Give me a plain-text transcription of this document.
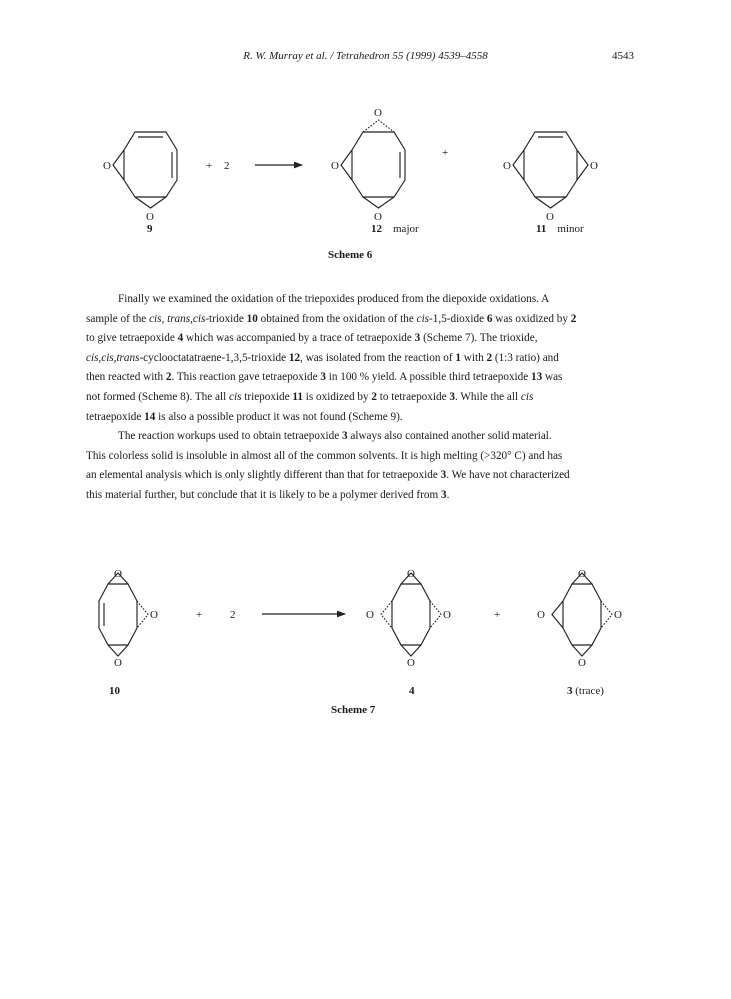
R. W. Murray et al. / Tetrahedron 55 (1999) 4539–4558	4543
O
O
+ 2
O
O
O
+
O	O
O
9	12 major	11 minor
Scheme 6

Finally we examined the oxidation of the triepoxides produced from the diepoxide oxidations. A

sample of the cis, trans,cis-trioxide 10 obtained from the oxidation of the cis-1,5-dioxide 6 was oxidized by 2
to give tetraepoxide 4 which was accompanied by a trace of tetraepoxide 3 (Scheme 7). The trioxide,
cis,cis,trans-cyclooctatatraene-1,3,5-trioxide 12, was isolated from the reaction of 1 with 2 (1:3 ratio) and
then reacted with 2. This reaction gave tetraepoxide 3 in 100 % yield. A possible third tetraepoxide 13 was
not formed (Scheme 8). The all cis triepoxide 11 is oxidized by 2 to tetraepoxide 3. While the all cis
tetraepoxide 14 is also a possible product it was not found (Scheme 9).

The reaction workups used to obtain tetraepoxide 3 always also contained another solid material.

This colorless solid is insoluble in almost all of the common solvents. It is high melting (>320° C) and has
an elemental analysis which is only slightly different than that for tetraepoxide 3. We have not characterized
this material further, but conclude that it is likely to be a polymer derived from 3.
O
O
O
+	2
O
O	O
O
+
O
O	O
O
10	4	3 (trace)
Scheme 7
